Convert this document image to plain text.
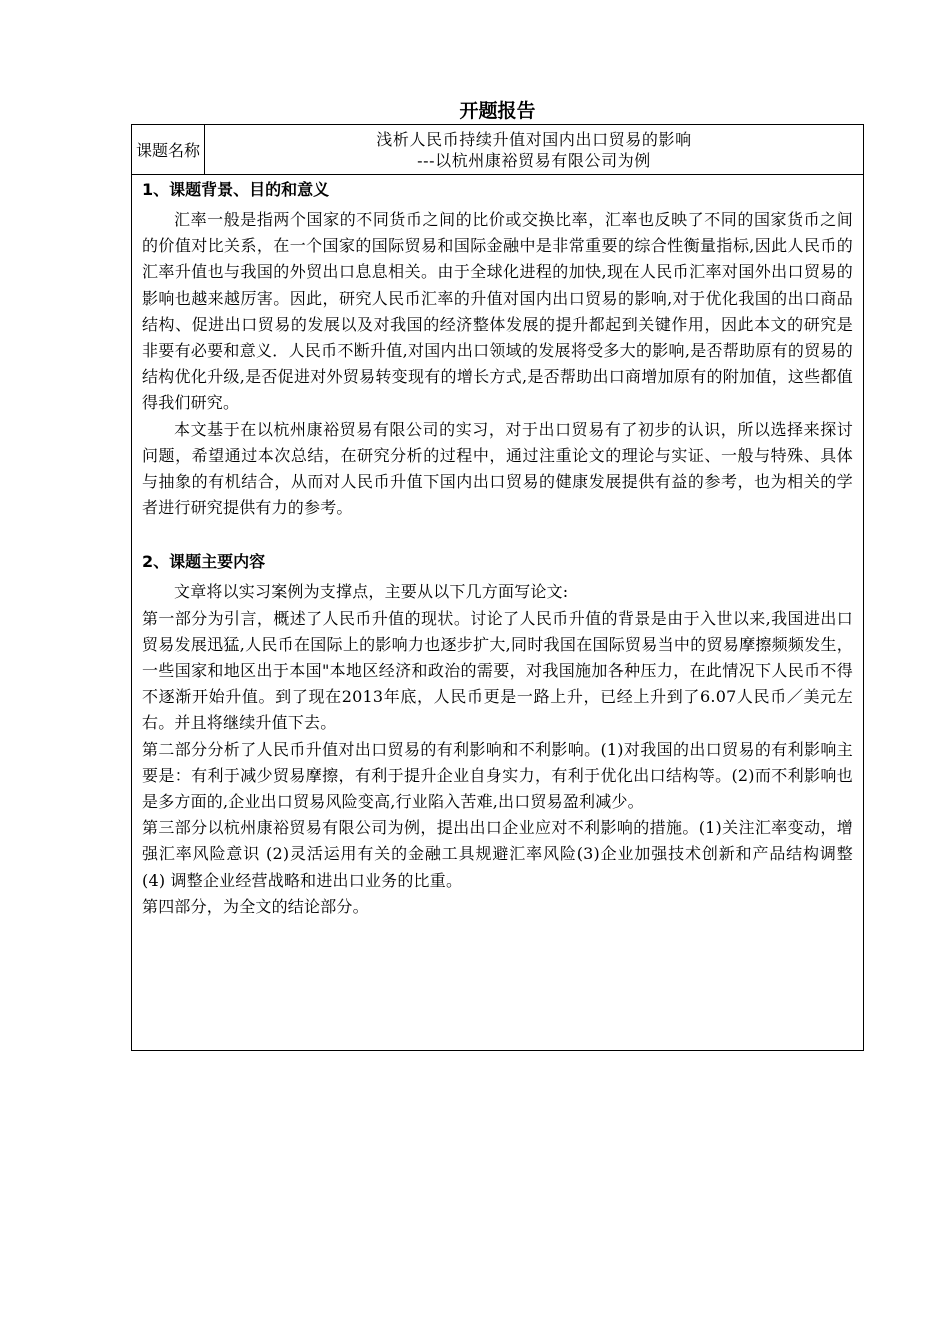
开题报告
课题名称
浅析人民币持续升值对国内出口贸易的影响
---以杭州康裕贸易有限公司为例
1、课题背景、目的和意义

汇率一般是指两个国家的不同货币之间的比价或交换比率，汇率也反映了不同的国家货币之间的价值对比关系，在一个国家的国际贸易和国际金融中是非常重要的综合性衡量指标,因此人民币的汇率升值也与我国的外贸出口息息相关。由于全球化进程的加快,现在人民币汇率对国外出口贸易的影响也越来越厉害。因此，研究人民币汇率的升值对国内出口贸易的影响,对于优化我国的出口商品结构、促进出口贸易的发展以及对我国的经济整体发展的提升都起到关键作用，因此本文的研究是非要有必要和意义．人民币不断升值,对国内出口领域的发展将受多大的影响,是否帮助原有的贸易的结构优化升级,是否促进对外贸易转变现有的增长方式,是否帮助出口商增加原有的附加值，这些都值得我们研究。

本文基于在以杭州康裕贸易有限公司的实习，对于出口贸易有了初步的认识，所以选择来探讨问题，希望通过本次总结，在研究分析的过程中，通过注重论文的理论与实证、一般与特殊、具体与抽象的有机结合，从而对人民币升值下国内出口贸易的健康发展提供有益的参考，也为相关的学者进行研究提供有力的参考。

2、课题主要内容

文章将以实习案例为支撑点，主要从以下几方面写论文:

第一部分为引言，概述了人民币升值的现状。讨论了人民币升值的背景是由于入世以来,我国进出口贸易发展迅猛,人民币在国际上的影响力也逐步扩大,同时我国在国际贸易当中的贸易摩擦频频发生，一些国家和地区出于本国"本地区经济和政治的需要，对我国施加各种压力，在此情况下人民币不得不逐渐开始升值。到了现在2013年底，人民币更是一路上升，已经上升到了6.07人民币／美元左右。并且将继续升值下去。

第二部分分析了人民币升值对出口贸易的有利影响和不利影响。(1)对我国的出口贸易的有利影响主要是：有利于减少贸易摩擦，有利于提升企业自身实力，有利于优化出口结构等。(2)而不利影响也是多方面的,企业出口贸易风险变高,行业陷入苦难,出口贸易盈利减少。

第三部分以杭州康裕贸易有限公司为例，提出出口企业应对不利影响的措施。(1)关注汇率变动，增强汇率风险意识 (2)灵活运用有关的金融工具规避汇率风险(3)企业加强技术创新和产品结构调整 (4) 调整企业经营战略和进出口业务的比重。

第四部分，为全文的结论部分。
